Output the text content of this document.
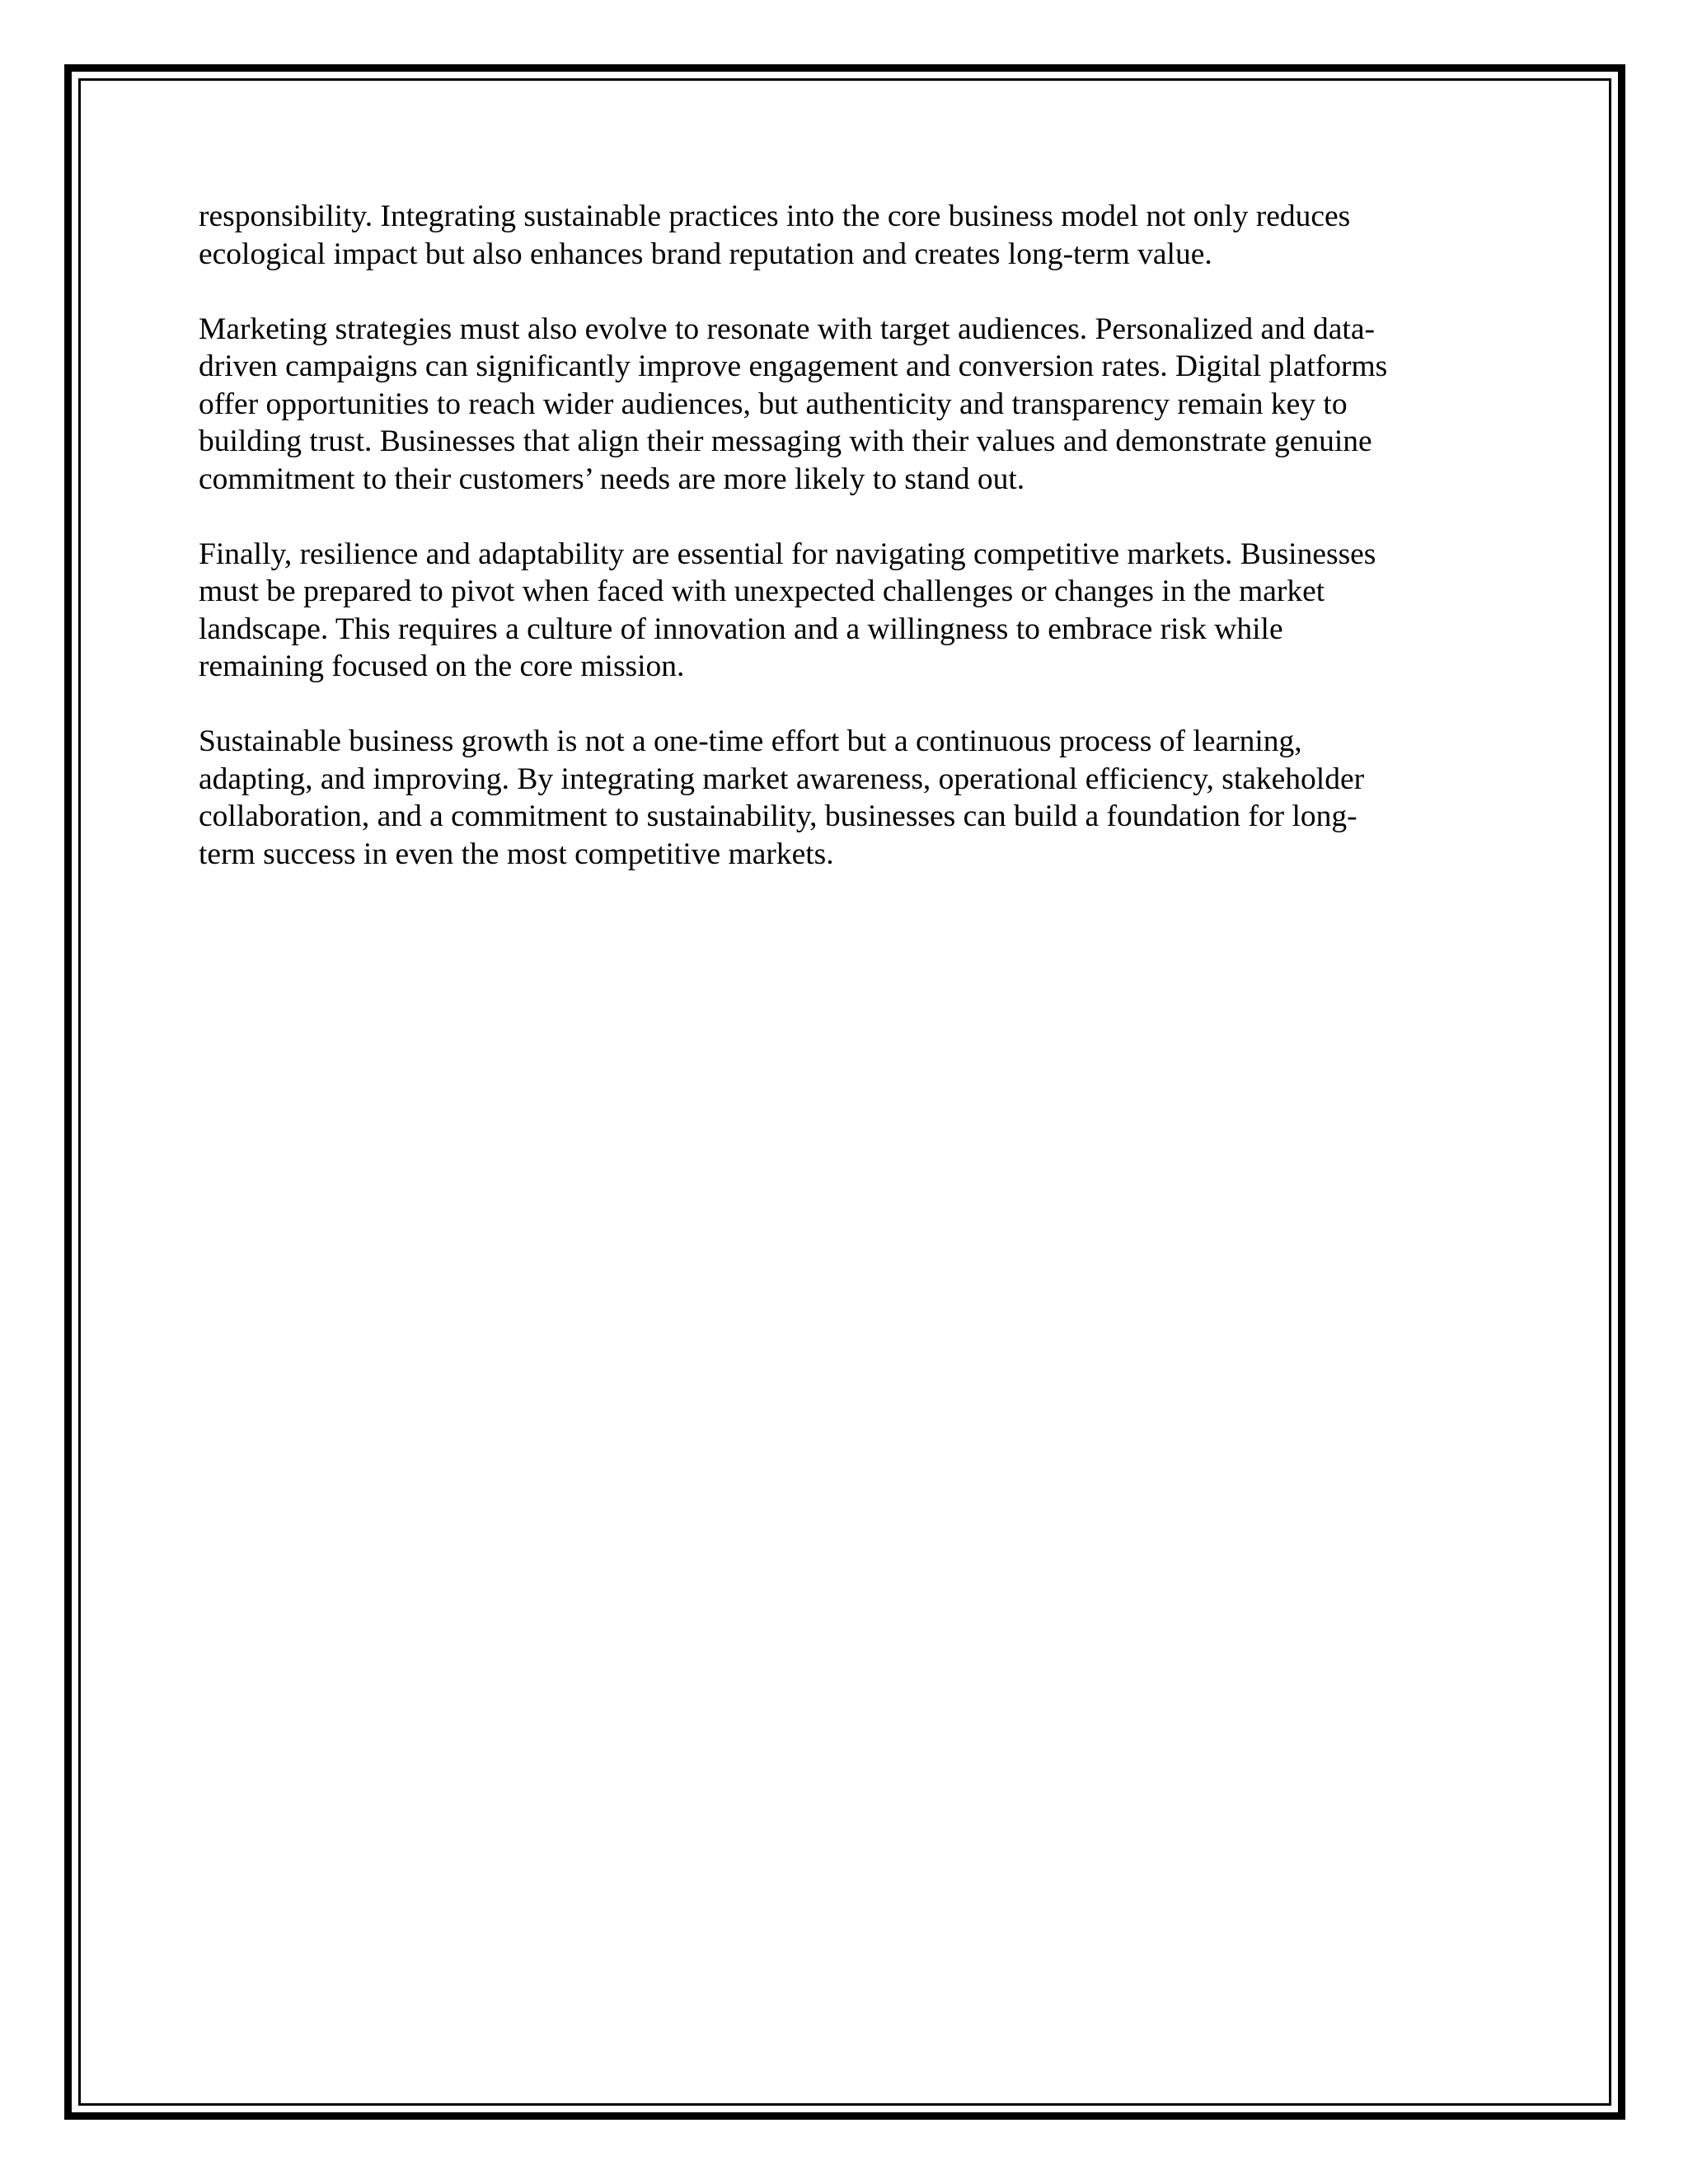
responsibility. Integrating sustainable practices into the core business model not only reduces
ecological impact but also enhances brand reputation and creates long-term value.

Marketing strategies must also evolve to resonate with target audiences. Personalized and data-
driven campaigns can significantly improve engagement and conversion rates. Digital platforms
offer opportunities to reach wider audiences, but authenticity and transparency remain key to
building trust. Businesses that align their messaging with their values and demonstrate genuine
commitment to their customers’ needs are more likely to stand out.

Finally, resilience and adaptability are essential for navigating competitive markets. Businesses
must be prepared to pivot when faced with unexpected challenges or changes in the market
landscape. This requires a culture of innovation and a willingness to embrace risk while
remaining focused on the core mission.

Sustainable business growth is not a one-time effort but a continuous process of learning,
adapting, and improving. By integrating market awareness, operational efficiency, stakeholder
collaboration, and a commitment to sustainability, businesses can build a foundation for long-
term success in even the most competitive markets.
